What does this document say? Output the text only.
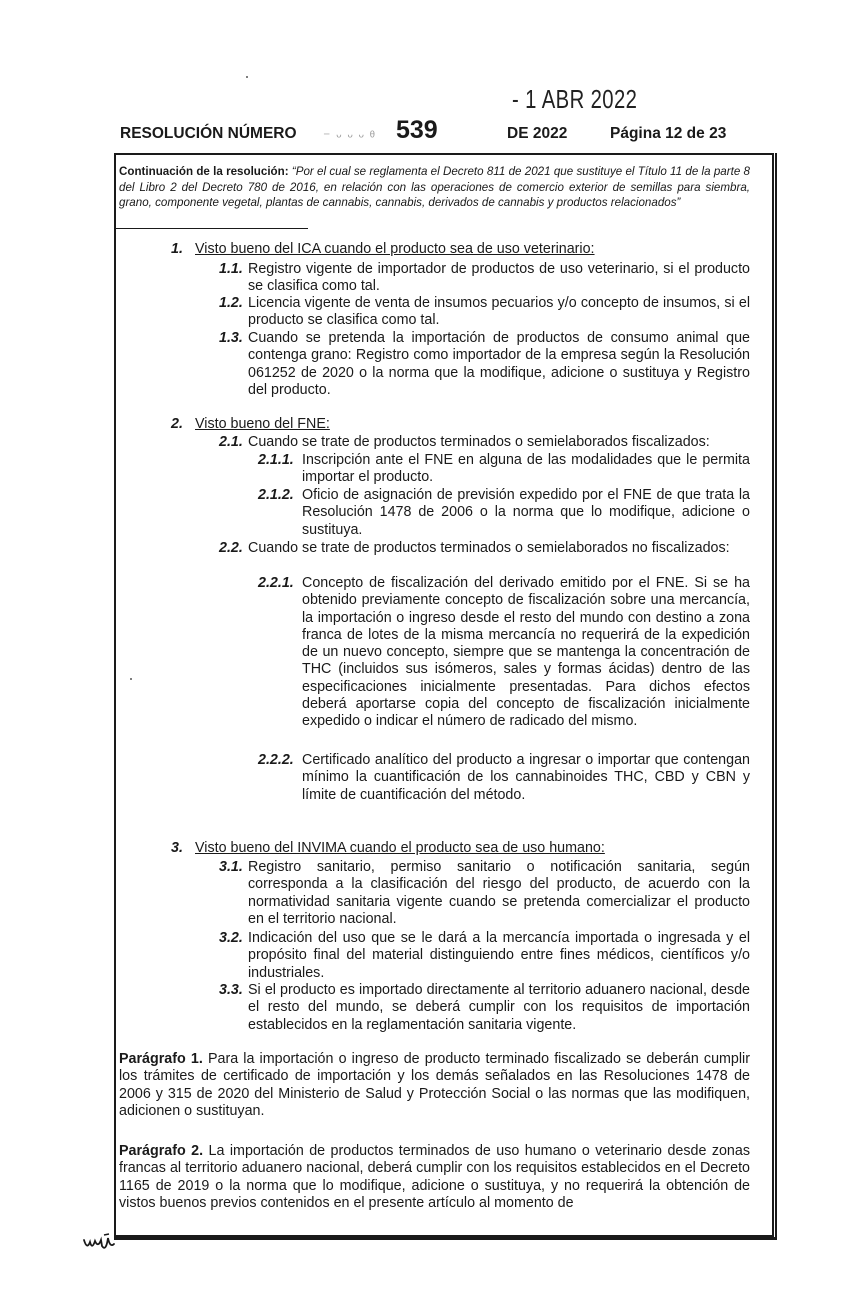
- 1 ABR 2022
RESOLUCIÓN NÚMERO ⁻ ᵕ ᵕ ᵕ ᶿ 539	DE 2022	Página 12 de 23
Continuación de la resolución: “Por el cual se reglamenta el Decreto 811 de 2021 que sustituye el Título 11 de la parte 8 del Libro 2 del Decreto 780 de 2016, en relación con las operaciones de comercio exterior de semillas para siembra, grano, componente vegetal, plantas de cannabis, cannabis, derivados de cannabis y productos relacionados”
1. Visto bueno del ICA cuando el producto sea de uso veterinario:
1.1. Registro vigente de importador de productos de uso veterinario, si el producto se clasifica como tal.
1.2. Licencia vigente de venta de insumos pecuarios y/o concepto de insumos, si el producto se clasifica como tal.
1.3. Cuando se pretenda la importación de productos de consumo animal que contenga grano: Registro como importador de la empresa según la Resolución 061252 de 2020 o la norma que la modifique, adicione o sustituya y Registro del producto.
2. Visto bueno del FNE:
2.1. Cuando se trate de productos terminados o semielaborados fiscalizados:
2.1.1. Inscripción ante el FNE en alguna de las modalidades que le permita importar el producto.
2.1.2. Oficio de asignación de previsión expedido por el FNE de que trata la Resolución 1478 de 2006 o la norma que lo modifique, adicione o sustituya.
2.2. Cuando se trate de productos terminados o semielaborados no fiscalizados:
2.2.1. Concepto de fiscalización del derivado emitido por el FNE. Si se ha obtenido previamente concepto de fiscalización sobre una mercancía, la importación o ingreso desde el resto del mundo con destino a zona franca de lotes de la misma mercancía no requerirá de la expedición de un nuevo concepto, siempre que se mantenga la concentración de THC (incluidos sus isómeros, sales y formas ácidas) dentro de las especificaciones inicialmente presentadas. Para dichos efectos deberá aportarse copia del concepto de fiscalización inicialmente expedido o indicar el número de radicado del mismo.
2.2.2. Certificado analítico del producto a ingresar o importar que contengan mínimo la cuantificación de los cannabinoides THC, CBD y CBN y límite de cuantificación del método.
3. Visto bueno del INVIMA cuando el producto sea de uso humano:
3.1. Registro sanitario, permiso sanitario o notificación sanitaria, según corresponda a la clasificación del riesgo del producto, de acuerdo con la normatividad sanitaria vigente cuando se pretenda comercializar el producto en el territorio nacional.
3.2. Indicación del uso que se le dará a la mercancía importada o ingresada y el propósito final del material distinguiendo entre fines médicos, científicos y/o industriales.
3.3. Si el producto es importado directamente al territorio aduanero nacional, desde el resto del mundo, se deberá cumplir con los requisitos de importación establecidos en la reglamentación sanitaria vigente.
Parágrafo 1. Para la importación o ingreso de producto terminado fiscalizado se deberán cumplir los trámites de certificado de importación y los demás señalados en las Resoluciones 1478 de 2006 y 315 de 2020 del Ministerio de Salud y Protección Social o las normas que las modifiquen, adicionen o sustituyan.
Parágrafo 2. La importación de productos terminados de uso humano o veterinario desde zonas francas al territorio aduanero nacional, deberá cumplir con los requisitos establecidos en el Decreto 1165 de 2019 o la norma que lo modifique, adicione o sustituya, y no requerirá la obtención de vistos buenos previos contenidos en el presente artículo al momento de
